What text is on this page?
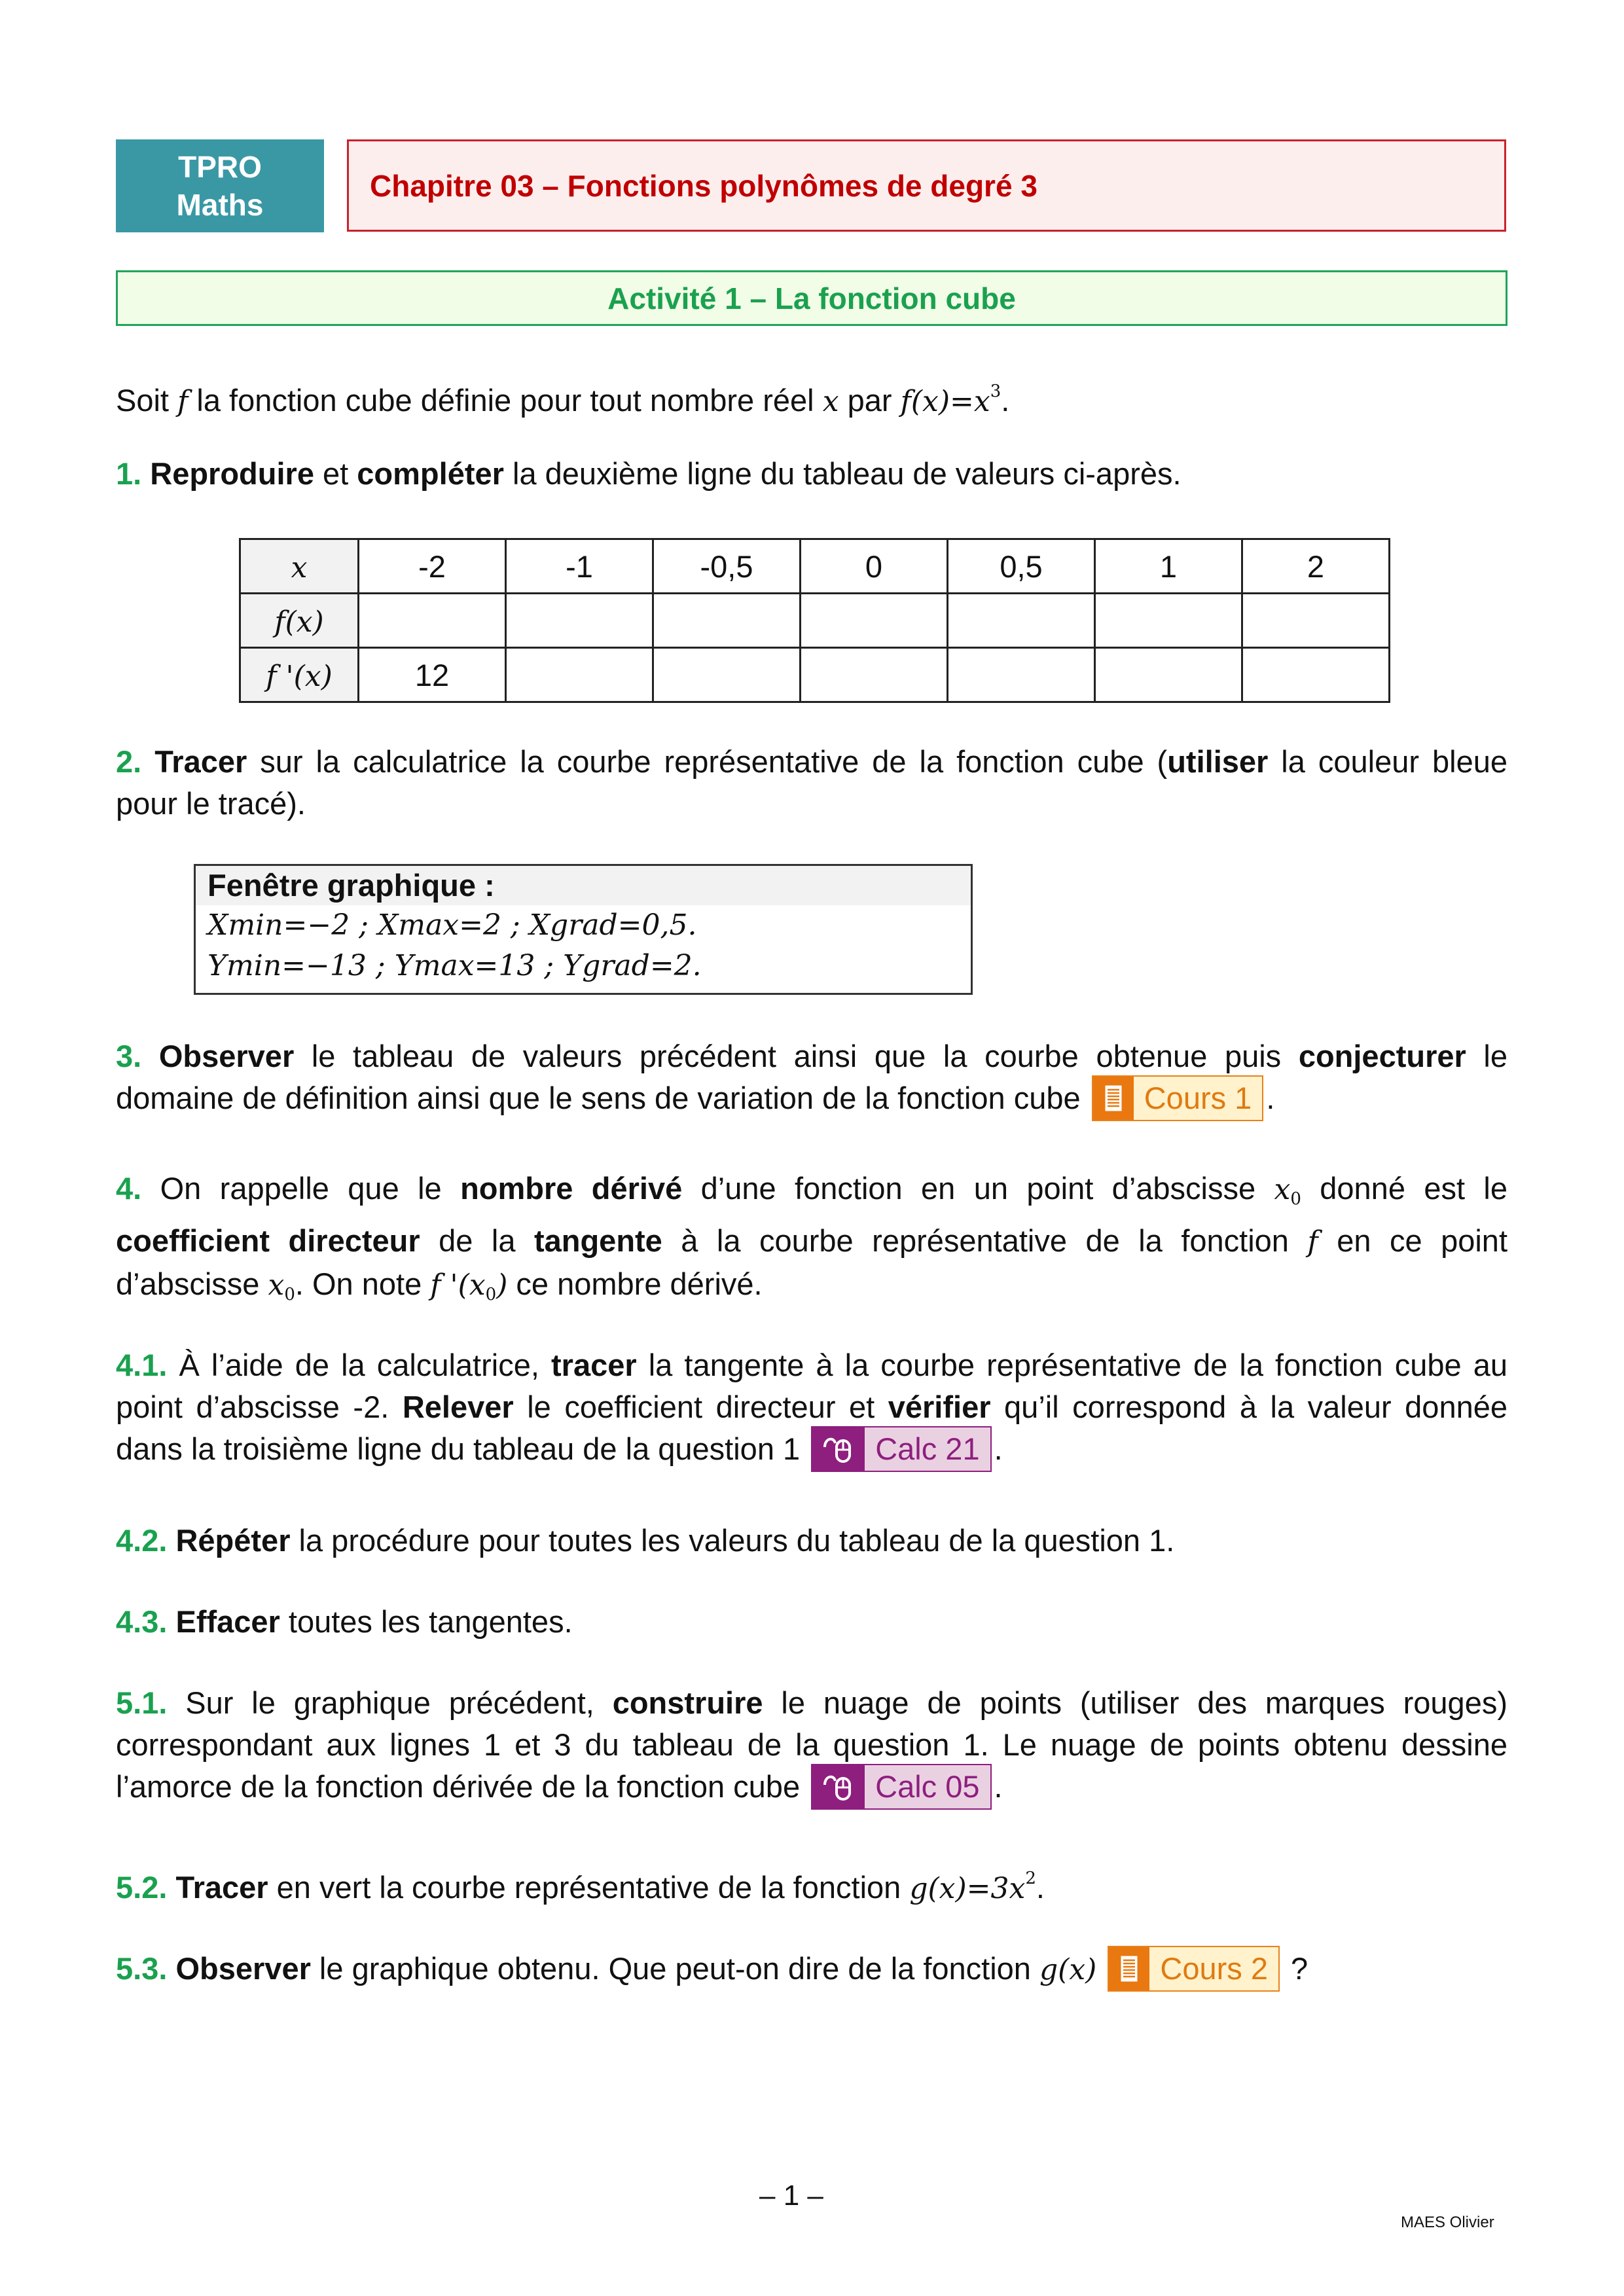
TPRO
Maths
Chapitre 03 – Fonctions polynômes de degré 3
Activité 1 – La fonction cube

Soit f la fonction cube définie pour tout nombre réel x par $f(x)=x^3$.

1. Reproduire et compléter la deuxième ligne du tableau de valeurs ci-après.

x	-2	-1	-0,5	0	0,5	1	2
f(x)							
f '(x)	12						

2. Tracer sur la calculatrice la courbe représentative de la fonction cube (utiliser la couleur bleue pour le tracé).

Fenêtre graphique :
Xmin=−2 ; Xmax=2 ; Xgrad=0,5.
Ymin=−13 ; Ymax=13 ; Ygrad=2.

3. Observer le tableau de valeurs précédent ainsi que la courbe obtenue puis conjecturer le domaine de définition ainsi que le sens de variation de la fonction cube	Cours 1 .

4. On rappelle que le nombre dérivé d’une fonction en un point d’abscisse $x_0$ donné est le coefficient directeur de la tangente à la courbe représentative de la fonction f en ce point d’abscisse $x_0$. On note f '$(x_0)$ ce nombre dérivé.

4.1. À l’aide de la calculatrice, tracer la tangente à la courbe représentative de la fonction cube au point d’abscisse -2. Relever le coefficient directeur et vérifier qu’il correspond à la valeur donnée dans la troisième ligne du tableau de la question 1	Calc 21 .

4.2. Répéter la procédure pour toutes les valeurs du tableau de la question 1.

4.3. Effacer toutes les tangentes.

5.1. Sur le graphique précédent, construire le nuage de points (utiliser des marques rouges) correspondant aux lignes 1 et 3 du tableau de la question 1. Le nuage de points obtenu dessine l’amorce de la fonction dérivée de la fonction cube	Calc 05 .

5.2. Tracer en vert la courbe représentative de la fonction $g(x)=3x^2$.

5.3. Observer le graphique obtenu. Que peut-on dire de la fonction g(x)	Cours 2 ?

– 1 –
MAES Olivier
